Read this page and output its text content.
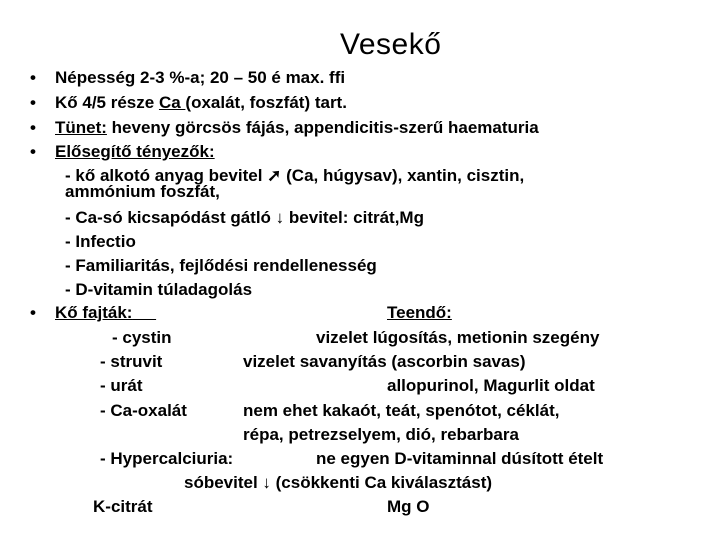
Vesekő
•
•
•
•
•
Népesség 2-3 %-a; 20 – 50 é max. ffi
Kő 4/5 része Ca (oxalát, foszfát) tart.
Tünet: heveny görcsös fájás, appendicitis-szerű haematuria
Elősegítő tényezők:
- kő alkotó anyag bevitel ➚ (Ca, húgysav), xantin, cisztin,
ammónium foszfát,
- Ca-só kicsapódást gátló ↓ bevitel: citrát,Mg
- Infectio
- Familiaritás, fejlődési rendellenesség
- D-vitamin túladagolás
Kő fajták:	Teendő:
- cystin	vizelet lúgosítás, metionin szegény
- struvit	vizelet savanyítás (ascorbin savas)
- urát	allopurinol, Magurlit oldat
- Ca-oxalát	nem ehet kakaót, teát, spenótot, céklát,
répa, petrezselyem, dió, rebarbara
- Hypercalciuria:	ne egyen D-vitaminnal dúsított ételt
sóbevitel ↓ (csökkenti Ca kiválasztást)
K-citrát	Mg O
